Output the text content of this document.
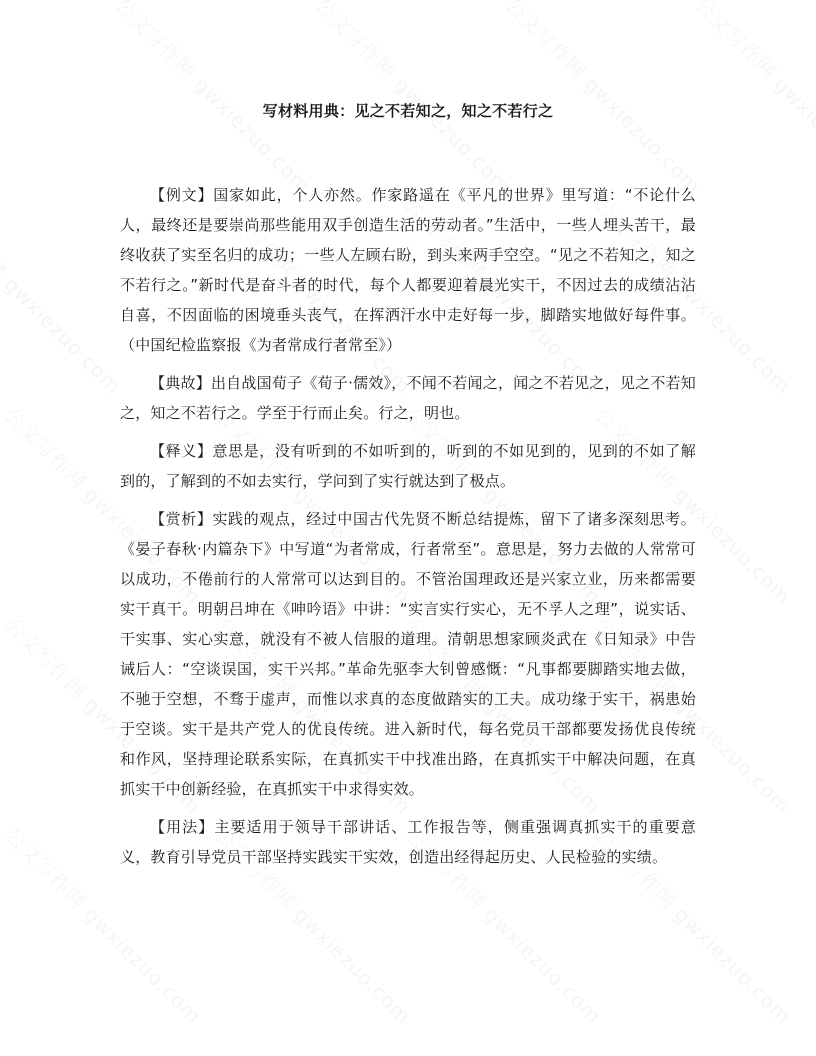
写材料用典：见之不若知之，知之不若行之

【例文】国家如此，个人亦然。作家路遥在《平凡的世界》里写道：“不论什么人，最终还是要崇尚那些能用双手创造生活的劳动者。”生活中，一些人埋头苦干，最终收获了实至名归的成功；一些人左顾右盼，到头来两手空空。“见之不若知之，知之不若行之。”新时代是奋斗者的时代，每个人都要迎着晨光实干，不因过去的成绩沾沾自喜，不因面临的困境垂头丧气，在挥洒汗水中走好每一步，脚踏实地做好每件事。（中国纪检监察报《为者常成行者常至》）

【典故】出自战国荀子《荀子·儒效》，不闻不若闻之，闻之不若见之，见之不若知之，知之不若行之。学至于行而止矣。行之，明也。

【释义】意思是，没有听到的不如听到的，听到的不如见到的，见到的不如了解到的，了解到的不如去实行，学问到了实行就达到了极点。

【赏析】实践的观点，经过中国古代先贤不断总结提炼，留下了诸多深刻思考。《晏子春秋·内篇杂下》中写道“为者常成，行者常至”。意思是，努力去做的人常常可以成功，不倦前行的人常常可以达到目的。不管治国理政还是兴家立业，历来都需要实干真干。明朝吕坤在《呻吟语》中讲：“实言实行实心，无不孚人之理”，说实话、干实事、实心实意，就没有不被人信服的道理。清朝思想家顾炎武在《日知录》中告诫后人：“空谈误国，实干兴邦。”革命先驱李大钊曾感慨：“凡事都要脚踏实地去做，不驰于空想，不骛于虚声，而惟以求真的态度做踏实的工夫。成功缘于实干，祸患始于空谈。实干是共产党人的优良传统。进入新时代，每名党员干部都要发扬优良传统和作风，坚持理论联系实际，在真抓实干中找准出路，在真抓实干中解决问题，在真抓实干中创新经验，在真抓实干中求得实效。

【用法】主要适用于领导干部讲话、工作报告等，侧重强调真抓实干的重要意义，教育引导党员干部坚持实践实干实效，创造出经得起历史、人民检验的实绩。
